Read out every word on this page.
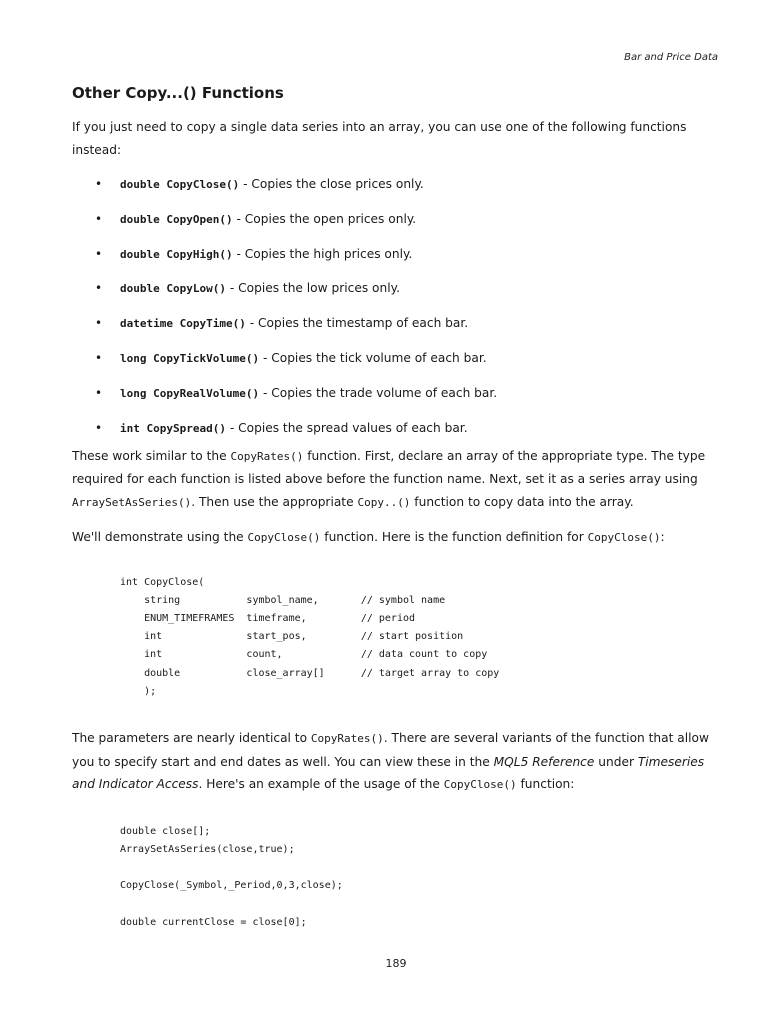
Bar and Price Data
Other Copy...() Functions

If you just need to copy a single data series into an array, you can use one of the following functions instead:

• double CopyClose() - Copies the close prices only.
• double CopyOpen() - Copies the open prices only.
• double CopyHigh() - Copies the high prices only.
• double CopyLow() - Copies the low prices only.
• datetime CopyTime() - Copies the timestamp of each bar.
• long CopyTickVolume() - Copies the tick volume of each bar.
• long CopyRealVolume() - Copies the trade volume of each bar.
• int CopySpread() - Copies the spread values of each bar.

These work similar to the CopyRates() function. First, declare an array of the appropriate type. The type required for each function is listed above before the function name. Next, set it as a series array using ArraySetAsSeries(). Then use the appropriate Copy..() function to copy data into the array.

We'll demonstrate using the CopyClose() function. Here is the function definition for CopyClose():

int CopyClose(
string           symbol_name,       // symbol name
ENUM_TIMEFRAMES  timeframe,         // period
int              start_pos,         // start position
int              count,             // data count to copy
double           close_array[]      // target array to copy
);

The parameters are nearly identical to CopyRates(). There are several variants of the function that allow you to specify start and end dates as well. You can view these in the MQL5 Reference under Timeseries and Indicator Access. Here's an example of the usage of the CopyClose() function:

double close[];
ArraySetAsSeries(close,true);

CopyClose(_Symbol,_Period,0,3,close);

double currentClose = close[0];
189
